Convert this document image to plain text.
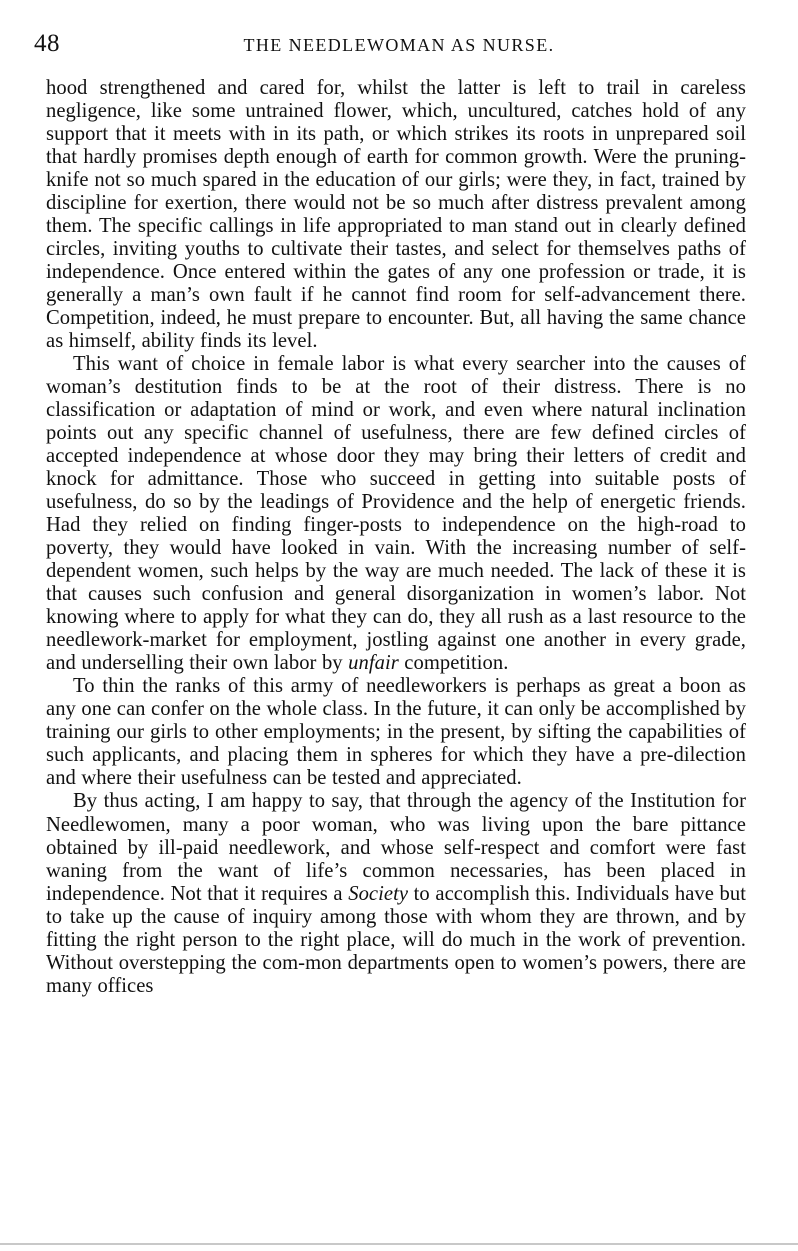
48	THE NEEDLEWOMAN AS NURSE.

hood strengthened and cared for, whilst the latter is left to trail in careless negligence, like some untrained flower, which, uncultured, catches hold of any support that it meets with in its path, or which strikes its roots in unprepared soil that hardly promises depth enough of earth for common growth. Were the pruning-knife not so much spared in the education of our girls; were they, in fact, trained by discipline for exertion, there would not be so much after distress prevalent among them. The specific callings in life appropriated to man stand out in clearly defined circles, inviting youths to cultivate their tastes, and select for themselves paths of independence. Once entered within the gates of any one profession or trade, it is generally a man’s own fault if he cannot find room for self-advancement there. Competition, indeed, he must prepare to encounter. But, all having the same chance as himself, ability finds its level.

This want of choice in female labor is what every searcher into the causes of woman’s destitution finds to be at the root of their distress. There is no classification or adaptation of mind or work, and even where natural inclination points out any specific channel of usefulness, there are few defined circles of accepted independence at whose door they may bring their letters of credit and knock for admittance. Those who succeed in getting into suitable posts of usefulness, do so by the leadings of Providence and the help of energetic friends. Had they relied on finding finger-posts to independence on the high-road to poverty, they would have looked in vain. With the increasing number of self-dependent women, such helps by the way are much needed. The lack of these it is that causes such confusion and general disorganization in women’s labor. Not knowing where to apply for what they can do, they all rush as a last resource to the needlework-market for employment, jostling against one another in every grade, and underselling their own labor by unfair competition.

To thin the ranks of this army of needleworkers is perhaps as great a boon as any one can confer on the whole class. In the future, it can only be accomplished by training our girls to other employments; in the present, by sifting the capabilities of such applicants, and placing them in spheres for which they have a pre-dilection and where their usefulness can be tested and appreciated.

By thus acting, I am happy to say, that through the agency of the Institution for Needlewomen, many a poor woman, who was living upon the bare pittance obtained by ill-paid needlework, and whose self-respect and comfort were fast waning from the want of life’s common necessaries, has been placed in independence. Not that it requires a Society to accomplish this. Individuals have but to take up the cause of inquiry among those with whom they are thrown, and by fitting the right person to the right place, will do much in the work of prevention. Without overstepping the com-mon departments open to women’s powers, there are many offices
